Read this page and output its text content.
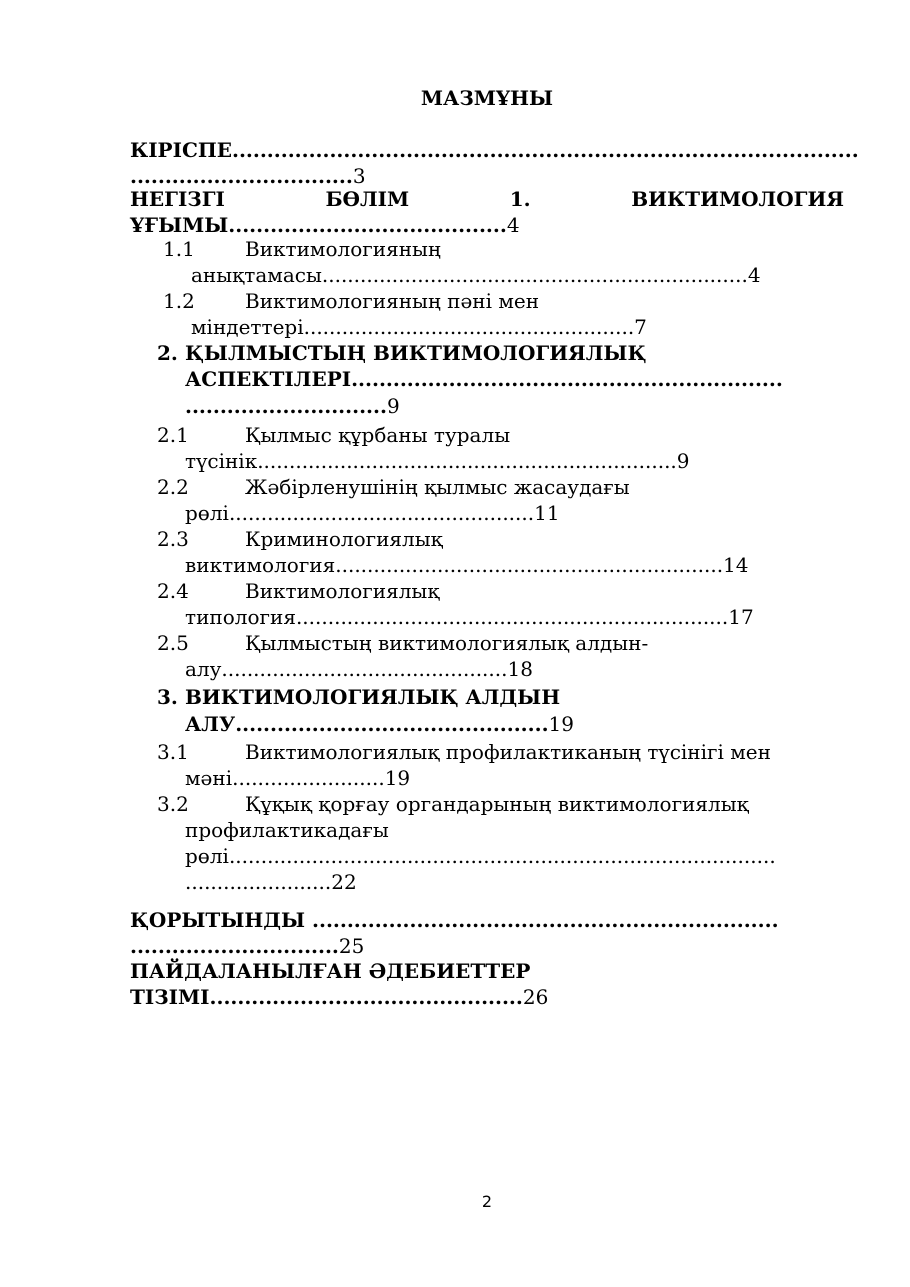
МАЗМҰНЫ
КІРІСПЕ..........................................................................................
................................3
НЕГІЗГІ	БӨЛІМ	1.	ВИКТИМОЛОГИЯ
ҰҒЫМЫ........................................4
1.1	Виктимологияның
анықтамасы...................................................................4
1.2	Виктимологияның пәні мен
міндеттері....................................................7
2. ҚЫЛМЫСТЫҢ ВИКТИМОЛОГИЯЛЫҚ
АСПЕКТІЛЕРІ..............................................................
.............................9
2.1	Қылмыс құрбаны туралы
түсінік..................................................................9
2.2	Жәбірленушінің қылмыс жасаудағы
рөлі................................................11
2.3	Криминологиялық
виктимология.............................................................14
2.4	Виктимологиялық
типология....................................................................17
2.5	Қылмыстың виктимологиялық алдын-
алу.............................................18
3. ВИКТИМОЛОГИЯЛЫҚ АЛДЫН
АЛУ.............................................19
3.1	Виктимологиялық профилактиканың түсінігі мен
мәні........................19
3.2	Құқық қорғау органдарының виктимологиялық
профилактикадағы
рөлі......................................................................................
.......................22
ҚОРЫТЫНДЫ ...................................................................
..............................25
ПАЙДАЛАНЫЛҒАН ӘДЕБИЕТТЕР
ТІЗІМІ.............................................26
2
